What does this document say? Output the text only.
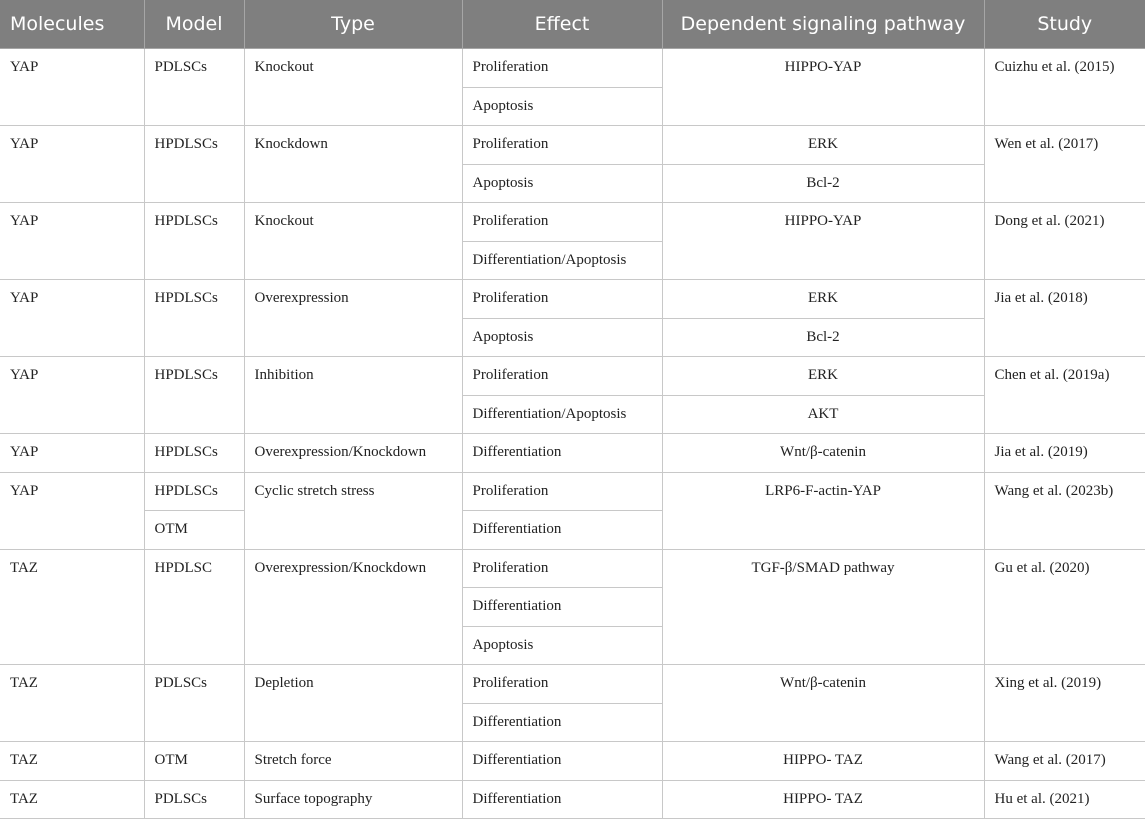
Molecules	Model	Type	Effect	Dependent signaling pathway	Study
YAP	PDLSCs	Knockout	Proliferation	HIPPO-YAP	Cuizhu et al. (2015)
			Apoptosis		
YAP	HPDLSCs	Knockdown	Proliferation	ERK	Wen et al. (2017)
			Apoptosis	Bcl-2	
YAP	HPDLSCs	Knockout	Proliferation	HIPPO-YAP	Dong et al. (2021)
			Differentiation/Apoptosis		
YAP	HPDLSCs	Overexpression	Proliferation	ERK	Jia et al. (2018)
			Apoptosis	Bcl-2	
YAP	HPDLSCs	Inhibition	Proliferation	ERK	Chen et al. (2019a)
			Differentiation/Apoptosis	AKT	
YAP	HPDLSCs	Overexpression/Knockdown	Differentiation	Wnt/β-catenin	Jia et al. (2019)
YAP	HPDLSCs	Cyclic stretch stress	Proliferation	LRP6-F-actin-YAP	Wang et al. (2023b)
	OTM		Differentiation		
TAZ	HPDLSC	Overexpression/Knockdown	Proliferation	TGF-β/SMAD pathway	Gu et al. (2020)
			Differentiation		
			Apoptosis		
TAZ	PDLSCs	Depletion	Proliferation	Wnt/β-catenin	Xing et al. (2019)
			Differentiation		
TAZ	OTM	Stretch force	Differentiation	HIPPO- TAZ	Wang et al. (2017)
TAZ	PDLSCs	Surface topography	Differentiation	HIPPO- TAZ	Hu et al. (2021)
